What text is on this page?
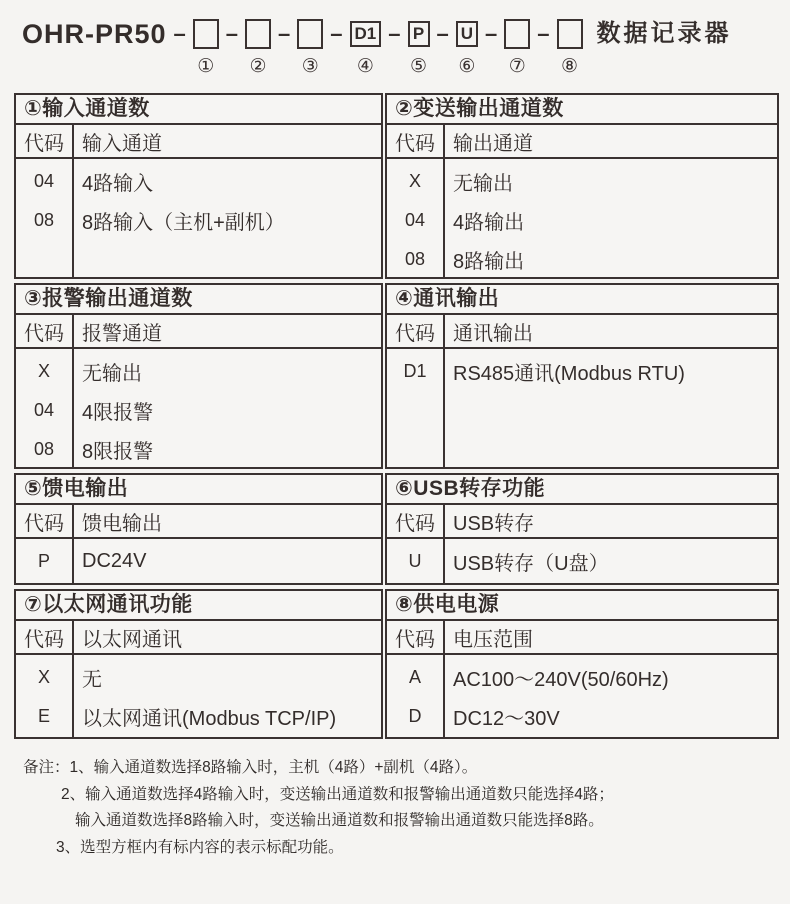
OHR-PR50 –
①
–
②
–
③
– D1
④
– P
⑤
– U
⑥
–
⑦
–
⑧
数据记录器
①输入通道数
代码 输入通道
04	4路输入
08	8路输入（主机+副机）
②变送输出通道数
代码 输出通道
X	无输出
04	4路输出
08	8路输出
③报警输出通道数
代码 报警通道
X	无输出
04	4限报警
08	8限报警
④通讯输出
代码 通讯输出
D1	RS485通讯(Modbus RTU)
⑤馈电输出
代码 馈电输出
P	DC24V
⑥USB转存功能
代码 USB转存
U	USB转存（U盘）
⑦以太网通讯功能
代码 以太网通讯
X	无
E	以太网通讯(Modbus TCP/IP)
⑧供电电源
代码 电压范围
A	AC100～240V(50/60Hz)
D	DC12～30V
备注：1、输入通道数选择8路输入时，主机（4路）+副机（4路）。
2、输入通道数选择4路输入时，变送输出通道数和报警输出通道数只能选择4路；
输入通道数选择8路输入时，变送输出通道数和报警输出通道数只能选择8路。
3、选型方框内有标内容的表示标配功能。
